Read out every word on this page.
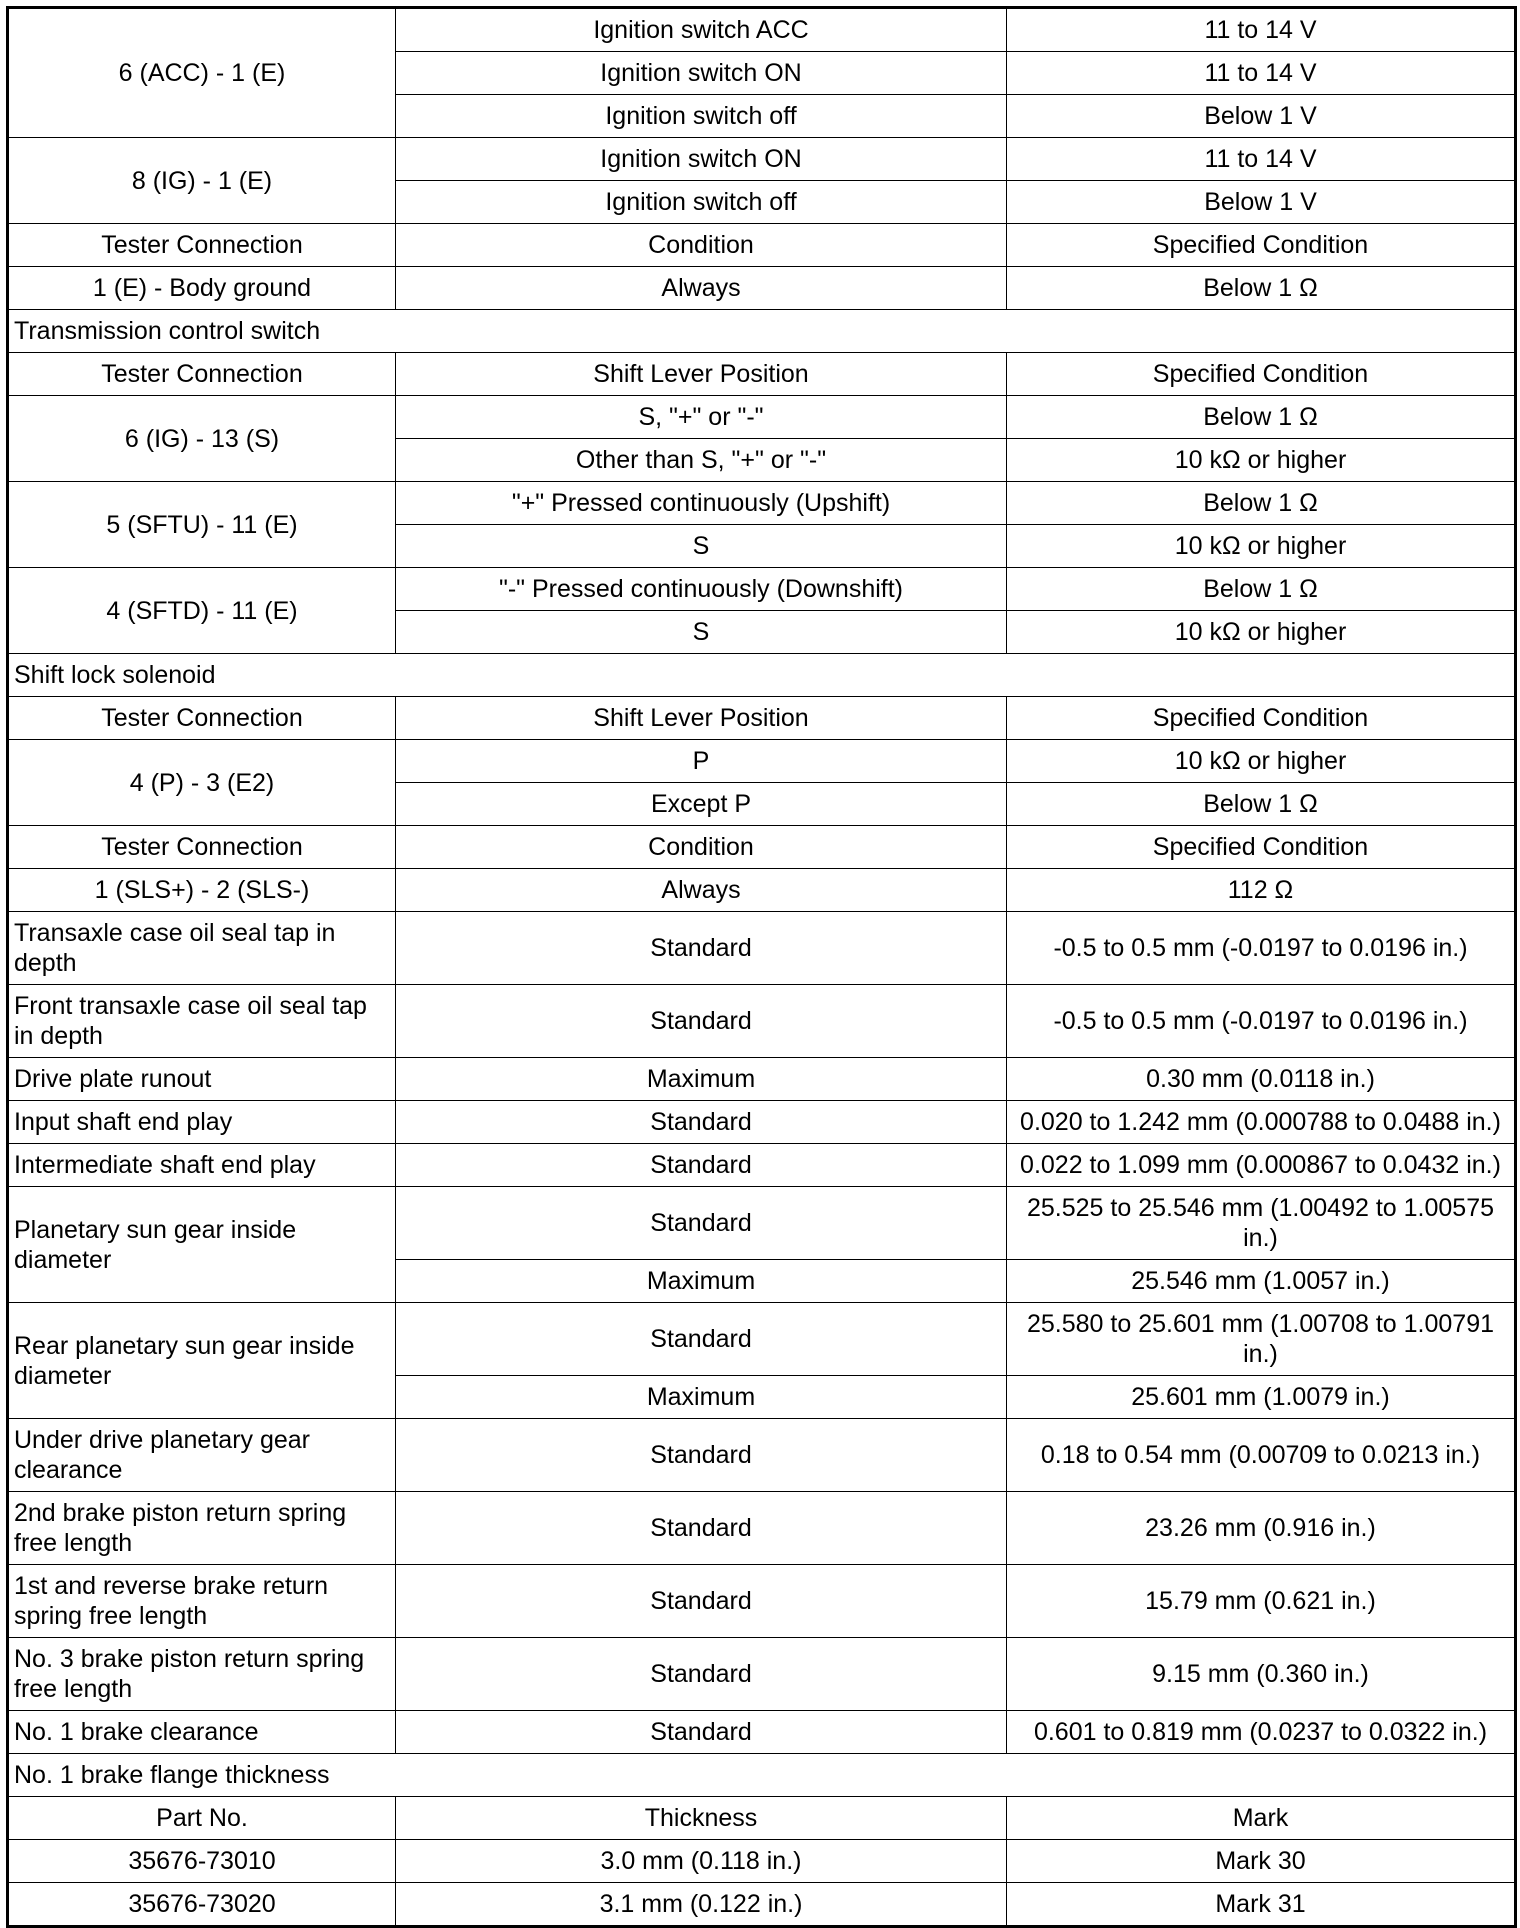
6 (ACC) - 1 (E)	Ignition switch ACC	11 to 14 V
	Ignition switch ON	11 to 14 V
	Ignition switch off	Below 1 V
8 (IG) - 1 (E)	Ignition switch ON	11 to 14 V
	Ignition switch off	Below 1 V
Tester Connection	Condition	Specified Condition
1 (E) - Body ground	Always	Below 1 Ω
Transmission control switch		
Tester Connection	Shift Lever Position	Specified Condition
6 (IG) - 13 (S)	S, "+" or "-"	Below 1 Ω
	Other than S, "+" or "-"	10 kΩ or higher
5 (SFTU) - 11 (E)	"+" Pressed continuously (Upshift)	Below 1 Ω
	S	10 kΩ or higher
4 (SFTD) - 11 (E)	"-" Pressed continuously (Downshift)	Below 1 Ω
	S	10 kΩ or higher
Shift lock solenoid		
Tester Connection	Shift Lever Position	Specified Condition
4 (P) - 3 (E2)	P	10 kΩ or higher
	Except P	Below 1 Ω
Tester Connection	Condition	Specified Condition
1 (SLS+) - 2 (SLS-)	Always	112 Ω
Transaxle case oil seal tap in depth	Standard	-0.5 to 0.5 mm (-0.0197 to 0.0196 in.)
Front transaxle case oil seal tap in depth	Standard	-0.5 to 0.5 mm (-0.0197 to 0.0196 in.)
Drive plate runout	Maximum	0.30 mm (0.0118 in.)
Input shaft end play	Standard	0.020 to 1.242 mm (0.000788 to 0.0488 in.)
Intermediate shaft end play	Standard	0.022 to 1.099 mm (0.000867 to 0.0432 in.)
Planetary sun gear inside diameter	Standard	25.525 to 25.546 mm (1.00492 to 1.00575 in.)
	Maximum	25.546 mm (1.0057 in.)
Rear planetary sun gear inside diameter	Standard	25.580 to 25.601 mm (1.00708 to 1.00791 in.)
	Maximum	25.601 mm (1.0079 in.)
Under drive planetary gear clearance	Standard	0.18 to 0.54 mm (0.00709 to 0.0213 in.)
2nd brake piston return spring free length	Standard	23.26 mm (0.916 in.)
1st and reverse brake return spring free length	Standard	15.79 mm (0.621 in.)
No. 3 brake piston return spring free length	Standard	9.15 mm (0.360 in.)
No. 1 brake clearance	Standard	0.601 to 0.819 mm (0.0237 to 0.0322 in.)
No. 1 brake flange thickness		
Part No.	Thickness	Mark
35676-73010	3.0 mm (0.118 in.)	Mark 30
35676-73020	3.1 mm (0.122 in.)	Mark 31
